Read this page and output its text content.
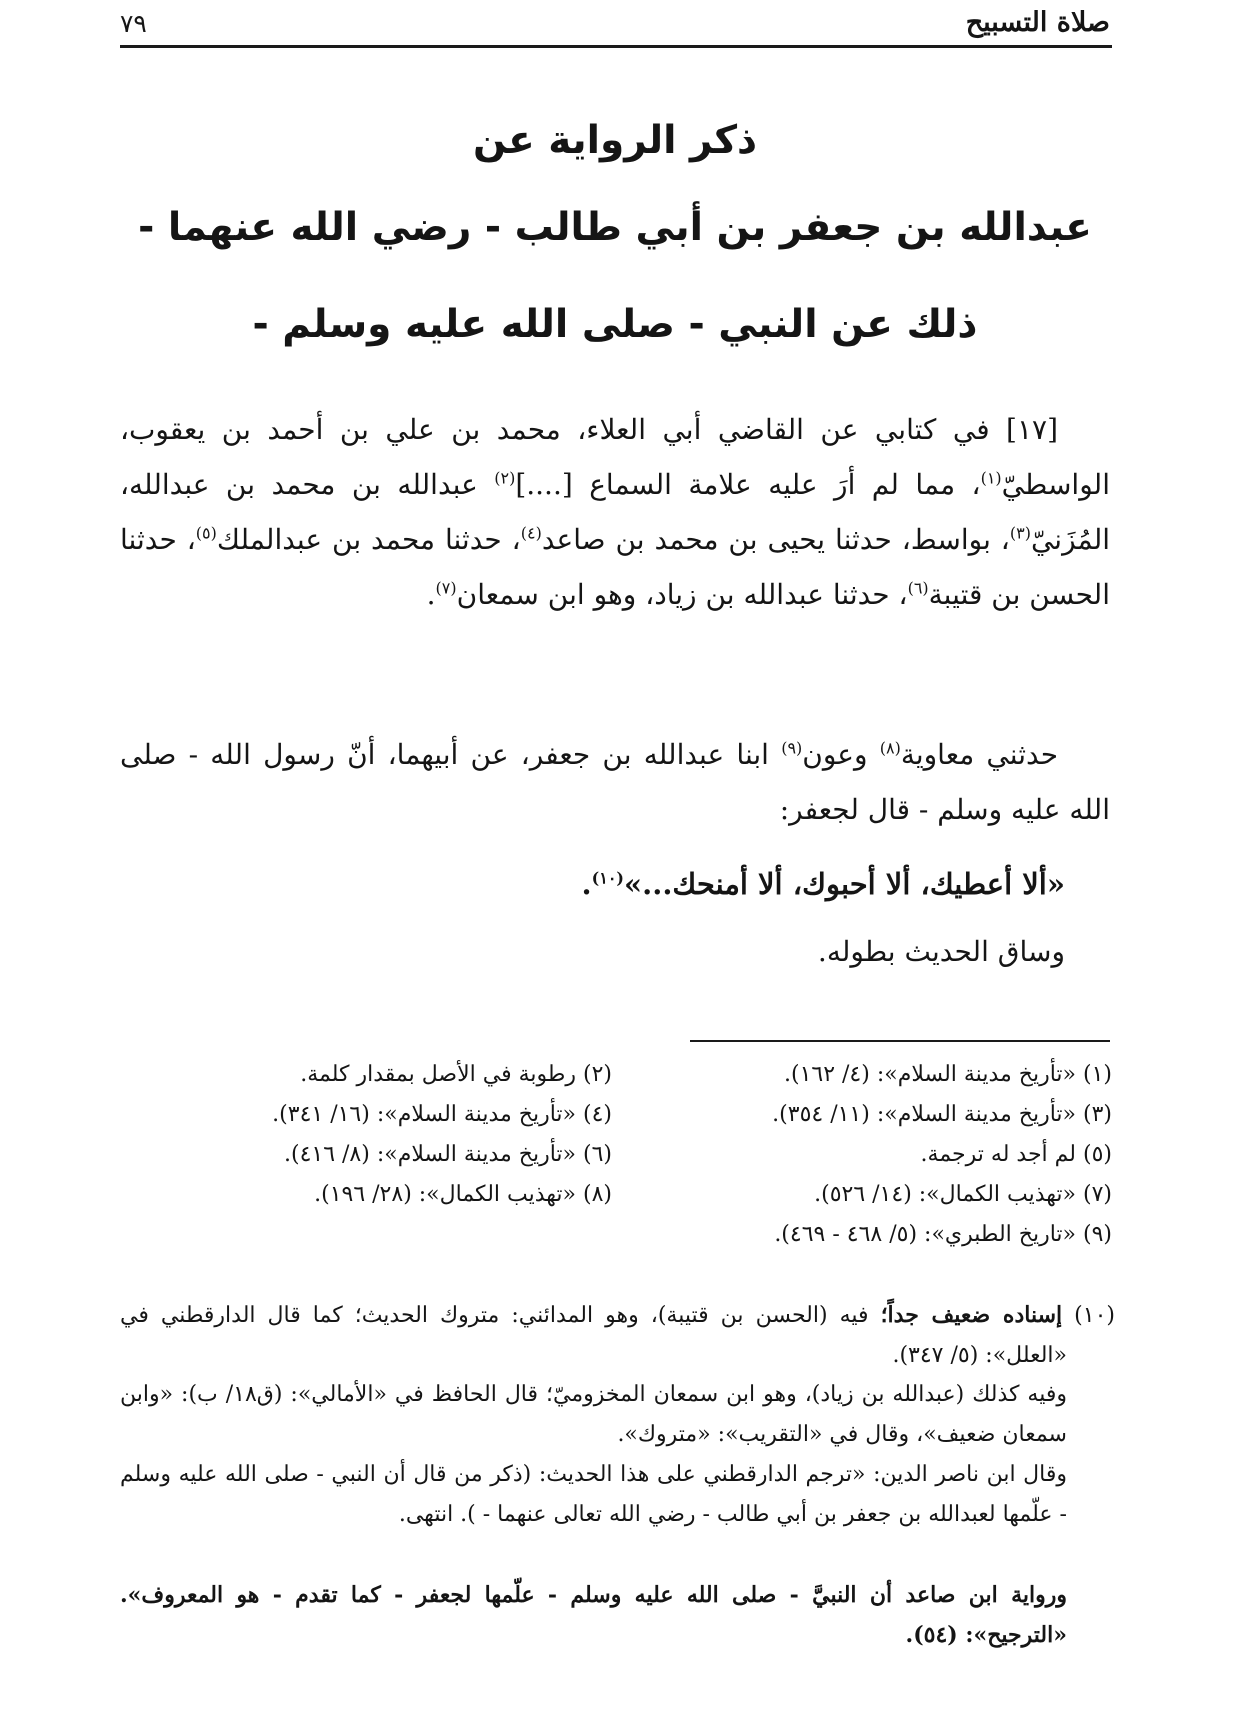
صلاة التسبيح
٧٩
ذكر الرواية عن
عبدالله بن جعفر بن أبي طالب - رضي الله عنهما -
ذلك عن النبي - صلى الله عليه وسلم -
[١٧] في كتابي عن القاضي أبي العلاء، محمد بن علي بن أحمد بن يعقوب، الواسطيّ$^{(١)}$، مما لم أرَ عليه علامة السماع [....]$^{(٢)}$ عبدالله بن محمد بن عبدالله، المُزَنيّ$^{(٣)}$، بواسط، حدثنا يحيى بن محمد بن صاعد$^{(٤)}$، حدثنا محمد بن عبدالملك$^{(٥)}$، حدثنا الحسن بن قتيبة$^{(٦)}$، حدثنا عبدالله بن زياد، وهو ابن سمعان$^{(٧)}$.
حدثني معاوية$^{(٨)}$ وعون$^{(٩)}$ ابنا عبدالله بن جعفر، عن أبيهما، أنّ رسول الله - صلى الله عليه وسلم - قال لجعفر:
«ألا أعطيك، ألا أحبوك، ألا أمنحك...»$^{(١٠)}$.
وساق الحديث بطوله.
(١) «تأريخ مدينة السلام»: (٤/ ١٦٢).
(٢) رطوبة في الأصل بمقدار كلمة.
(٣) «تأريخ مدينة السلام»: (١١/ ٣٥٤).
(٤) «تأريخ مدينة السلام»: (١٦/ ٣٤١).
(٥) لم أجد له ترجمة.
(٦) «تأريخ مدينة السلام»: (٨/ ٤١٦).
(٧) «تهذيب الكمال»: (١٤/ ٥٢٦).
(٨) «تهذيب الكمال»: (٢٨/ ١٩٦).
(٩) «تاريخ الطبري»: (٥/ ٤٦٨ - ٤٦٩).
(١٠) إسناده ضعيف جداً؛ فيه (الحسن بن قتيبة)، وهو المدائني: متروك الحديث؛ كما قال الدارقطني في «العلل»: (٥/ ٣٤٧).
وفيه كذلك (عبدالله بن زياد)، وهو ابن سمعان المخزوميّ؛ قال الحافظ في «الأمالي»: (ق١٨/ ب): «وابن سمعان ضعيف»، وقال في «التقريب»: «متروك».
وقال ابن ناصر الدين: «ترجم الدارقطني على هذا الحديث: (ذكر من قال أن النبي - صلى الله عليه وسلم - علّمها لعبدالله بن جعفر بن أبي طالب - رضي الله تعالى عنهما - ). انتهى.
ورواية ابن صاعد أن النبيَّ - صلى الله عليه وسلم - علّمها لجعفر - كما تقدم - هو المعروف». «الترجيح»: (٥٤).
